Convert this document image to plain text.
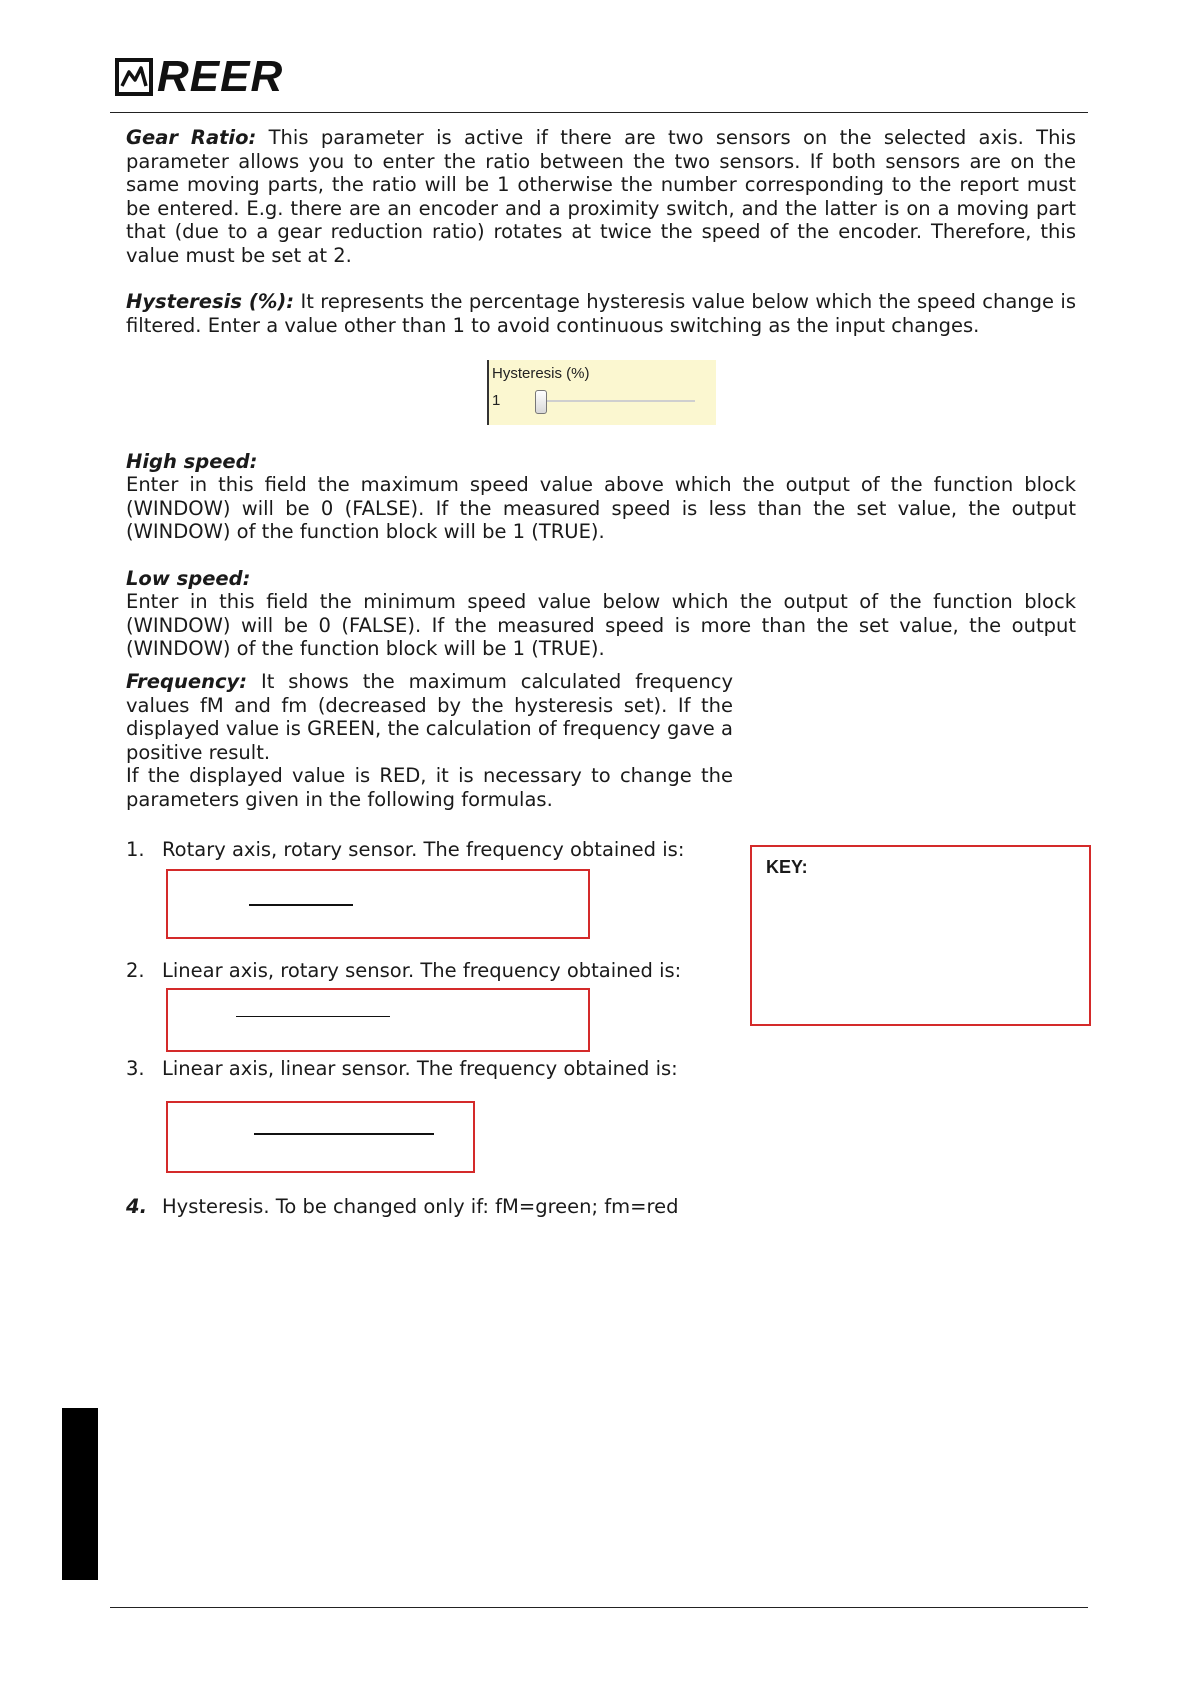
REER

Gear Ratio: This parameter is active if there are two sensors on the selected axis. This parameter allows you to enter the ratio between the two sensors. If both sensors are on the same moving parts, the ratio will be 1 otherwise the number corresponding to the report must be entered. E.g. there are an encoder and a proximity switch, and the latter is on a moving part that (due to a gear reduction ratio) rotates at twice the speed of the encoder. Therefore, this value must be set at 2.

Hysteresis (%): It represents the percentage hysteresis value below which the speed change is filtered. Enter a value other than 1 to avoid continuous switching as the input changes.

Hysteresis (%)
1

High speed:

Enter in this field the maximum speed value above which the output of the function block (WINDOW) will be 0 (FALSE). If the measured speed is less than the set value, the output (WINDOW) of the function block will be 1 (TRUE).

Low speed:

Enter in this field the minimum speed value below which the output of the function block (WINDOW) will be 0 (FALSE). If the measured speed is more than the set value, the output (WINDOW) of the function block will be 1 (TRUE).

Frequency: It shows the maximum calculated frequency values fM and fm (decreased by the hysteresis set). If the displayed value is GREEN, the calculation of frequency gave a positive result.
If the displayed value is RED, it is necessary to change the parameters given in the following formulas.

1. Rotary axis, rotary sensor. The frequency obtained is:

2. Linear axis, rotary sensor. The frequency obtained is:

3. Linear axis, linear sensor. The frequency obtained is:

4. Hysteresis. To be changed only if: fM=green; fm=red

KEY:
